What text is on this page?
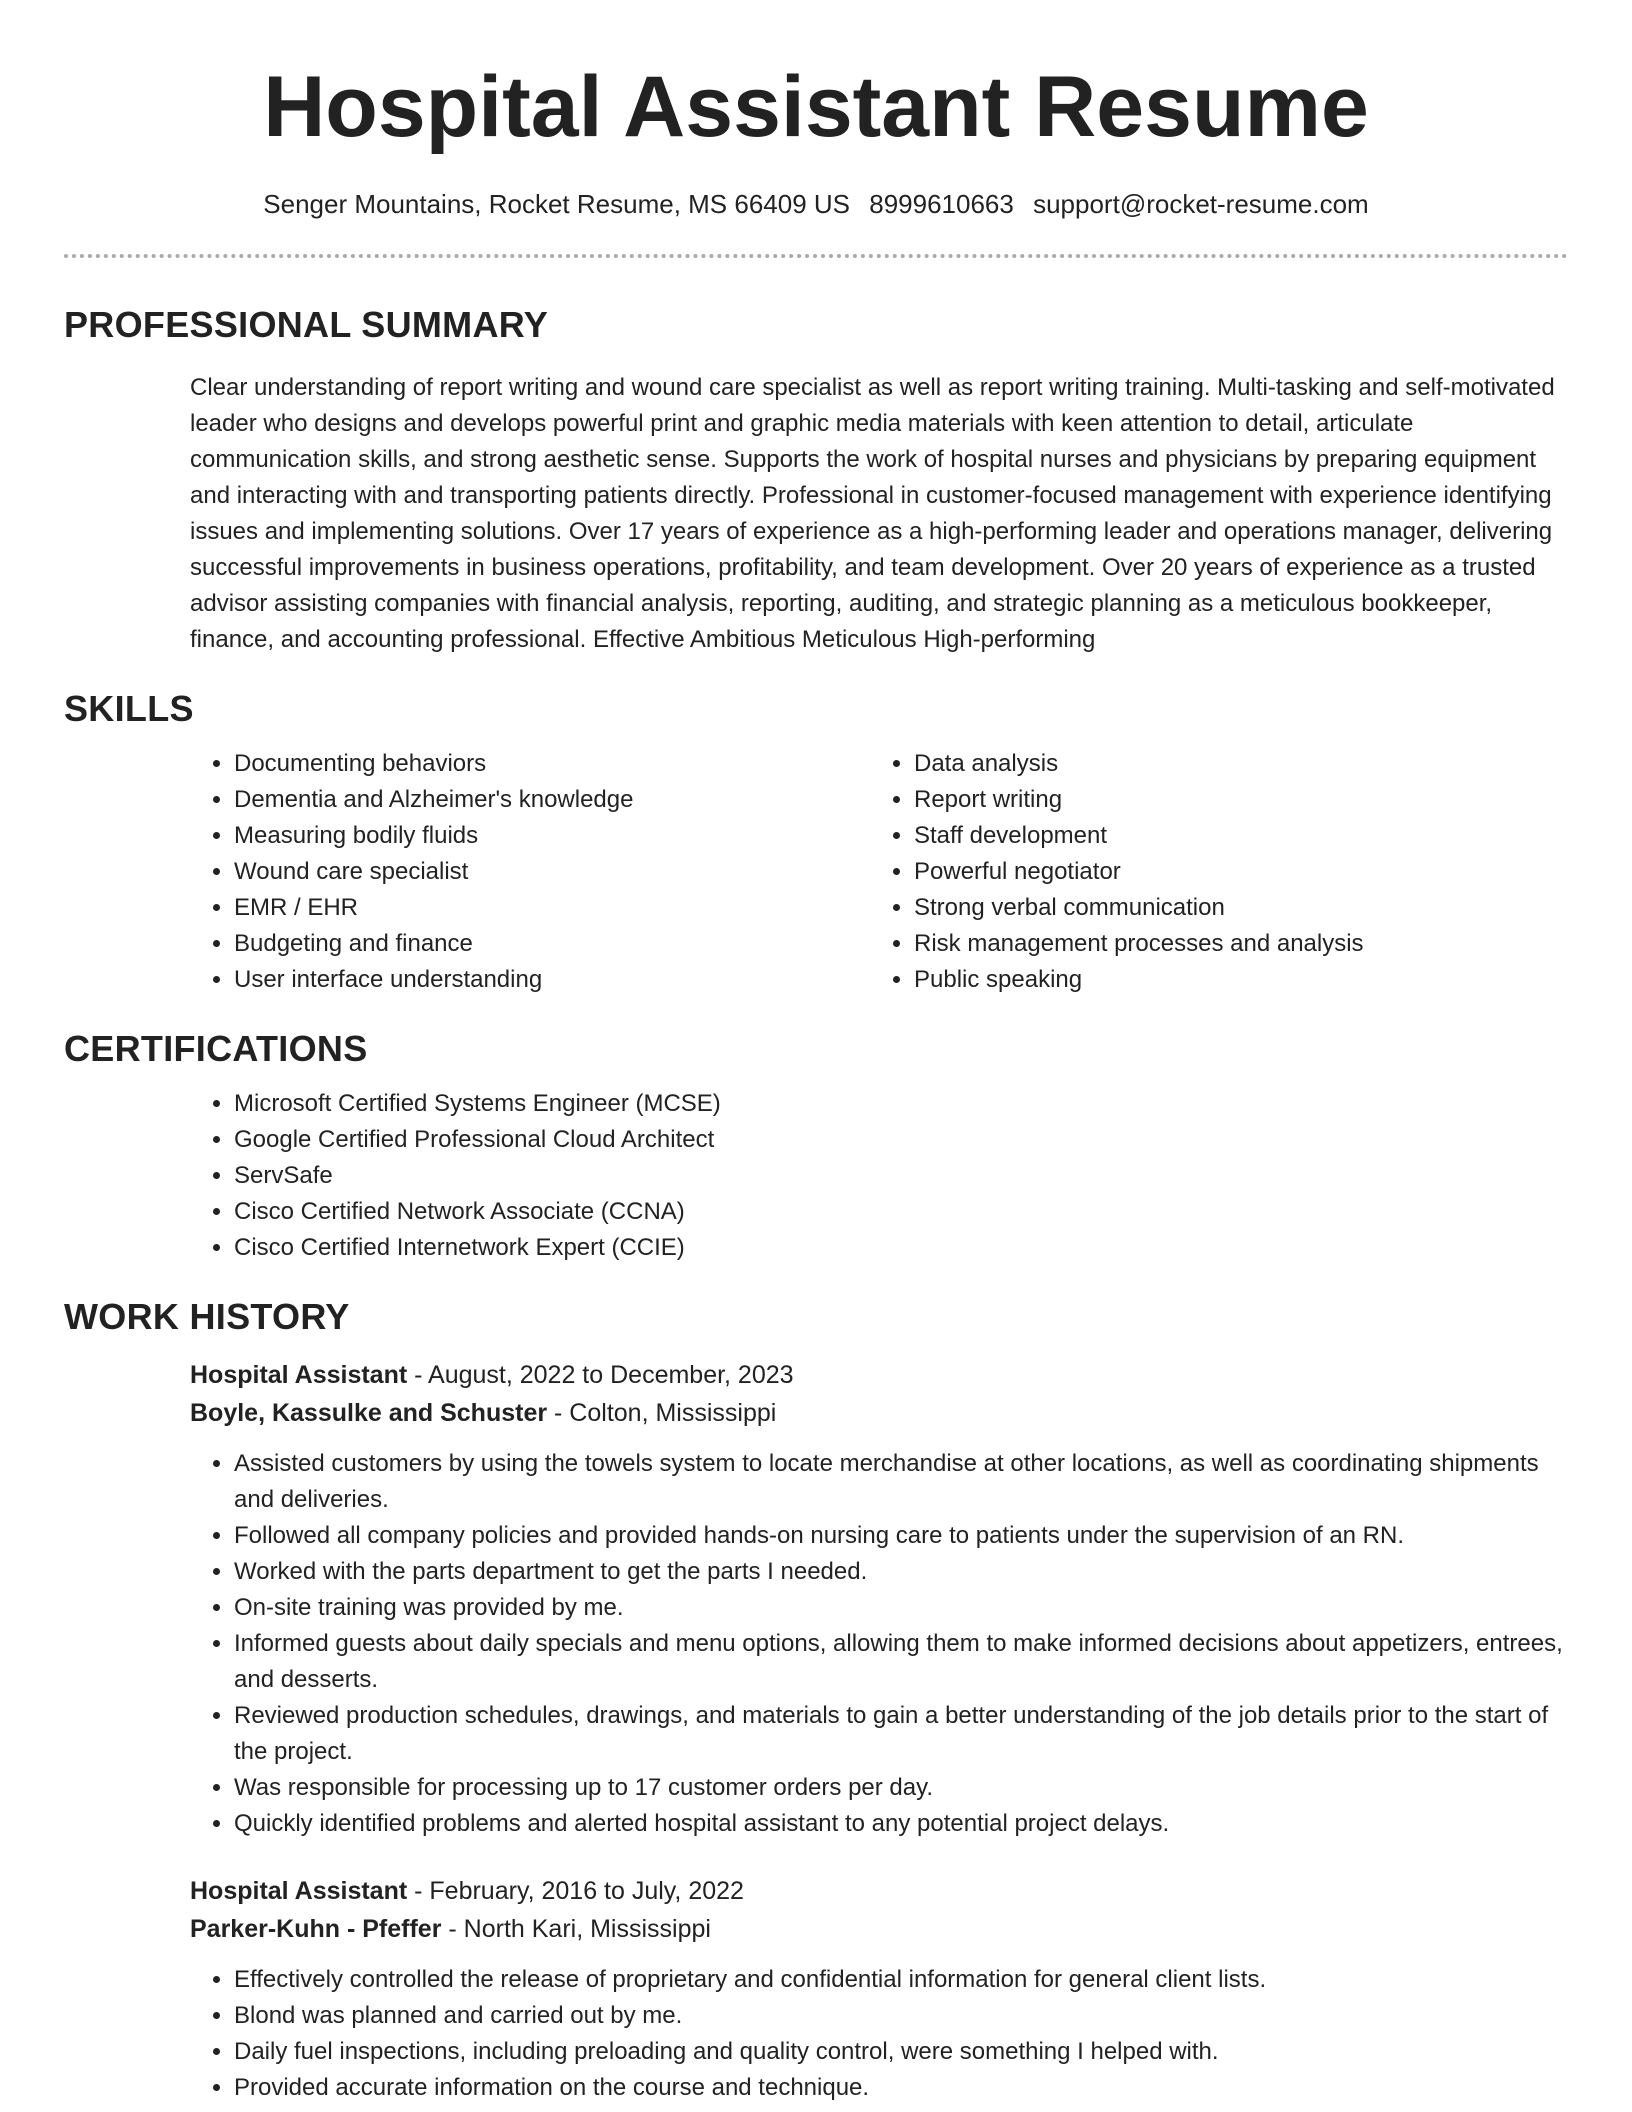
Hospital Assistant Resume
Senger Mountains, Rocket Resume, MS 66409 US 8999610663 support@rocket-resume.com
PROFESSIONAL SUMMARY
Clear understanding of report writing and wound care specialist as well as report writing training. Multi-tasking and self-motivated leader who designs and develops powerful print and graphic media materials with keen attention to detail, articulate communication skills, and strong aesthetic sense. Supports the work of hospital nurses and physicians by preparing equipment and interacting with and transporting patients directly. Professional in customer-focused management with experience identifying issues and implementing solutions. Over 17 years of experience as a high-performing leader and operations manager, delivering successful improvements in business operations, profitability, and team development. Over 20 years of experience as a trusted advisor assisting companies with financial analysis, reporting, auditing, and strategic planning as a meticulous bookkeeper, finance, and accounting professional. Effective Ambitious Meticulous High-performing
SKILLS
• Documenting behaviors
• Dementia and Alzheimer's knowledge
• Measuring bodily fluids
• Wound care specialist
• EMR / EHR
• Budgeting and finance
• User interface understanding
• Data analysis
• Report writing
• Staff development
• Powerful negotiator
• Strong verbal communication
• Risk management processes and analysis
• Public speaking
CERTIFICATIONS
• Microsoft Certified Systems Engineer (MCSE)
• Google Certified Professional Cloud Architect
• ServSafe
• Cisco Certified Network Associate (CCNA)
• Cisco Certified Internetwork Expert (CCIE)
WORK HISTORY
Hospital Assistant - August, 2022 to December, 2023
Boyle, Kassulke and Schuster - Colton, Mississippi
• Assisted customers by using the towels system to locate merchandise at other locations, as well as coordinating shipments and deliveries.
• Followed all company policies and provided hands-on nursing care to patients under the supervision of an RN.
• Worked with the parts department to get the parts I needed.
• On-site training was provided by me.
• Informed guests about daily specials and menu options, allowing them to make informed decisions about appetizers, entrees, and desserts.
• Reviewed production schedules, drawings, and materials to gain a better understanding of the job details prior to the start of the project.
• Was responsible for processing up to 17 customer orders per day.
• Quickly identified problems and alerted hospital assistant to any potential project delays.
Hospital Assistant - February, 2016 to July, 2022
Parker-Kuhn - Pfeffer - North Kari, Mississippi
• Effectively controlled the release of proprietary and confidential information for general client lists.
• Blond was planned and carried out by me.
• Daily fuel inspections, including preloading and quality control, were something I helped with.
• Provided accurate information on the course and technique.
